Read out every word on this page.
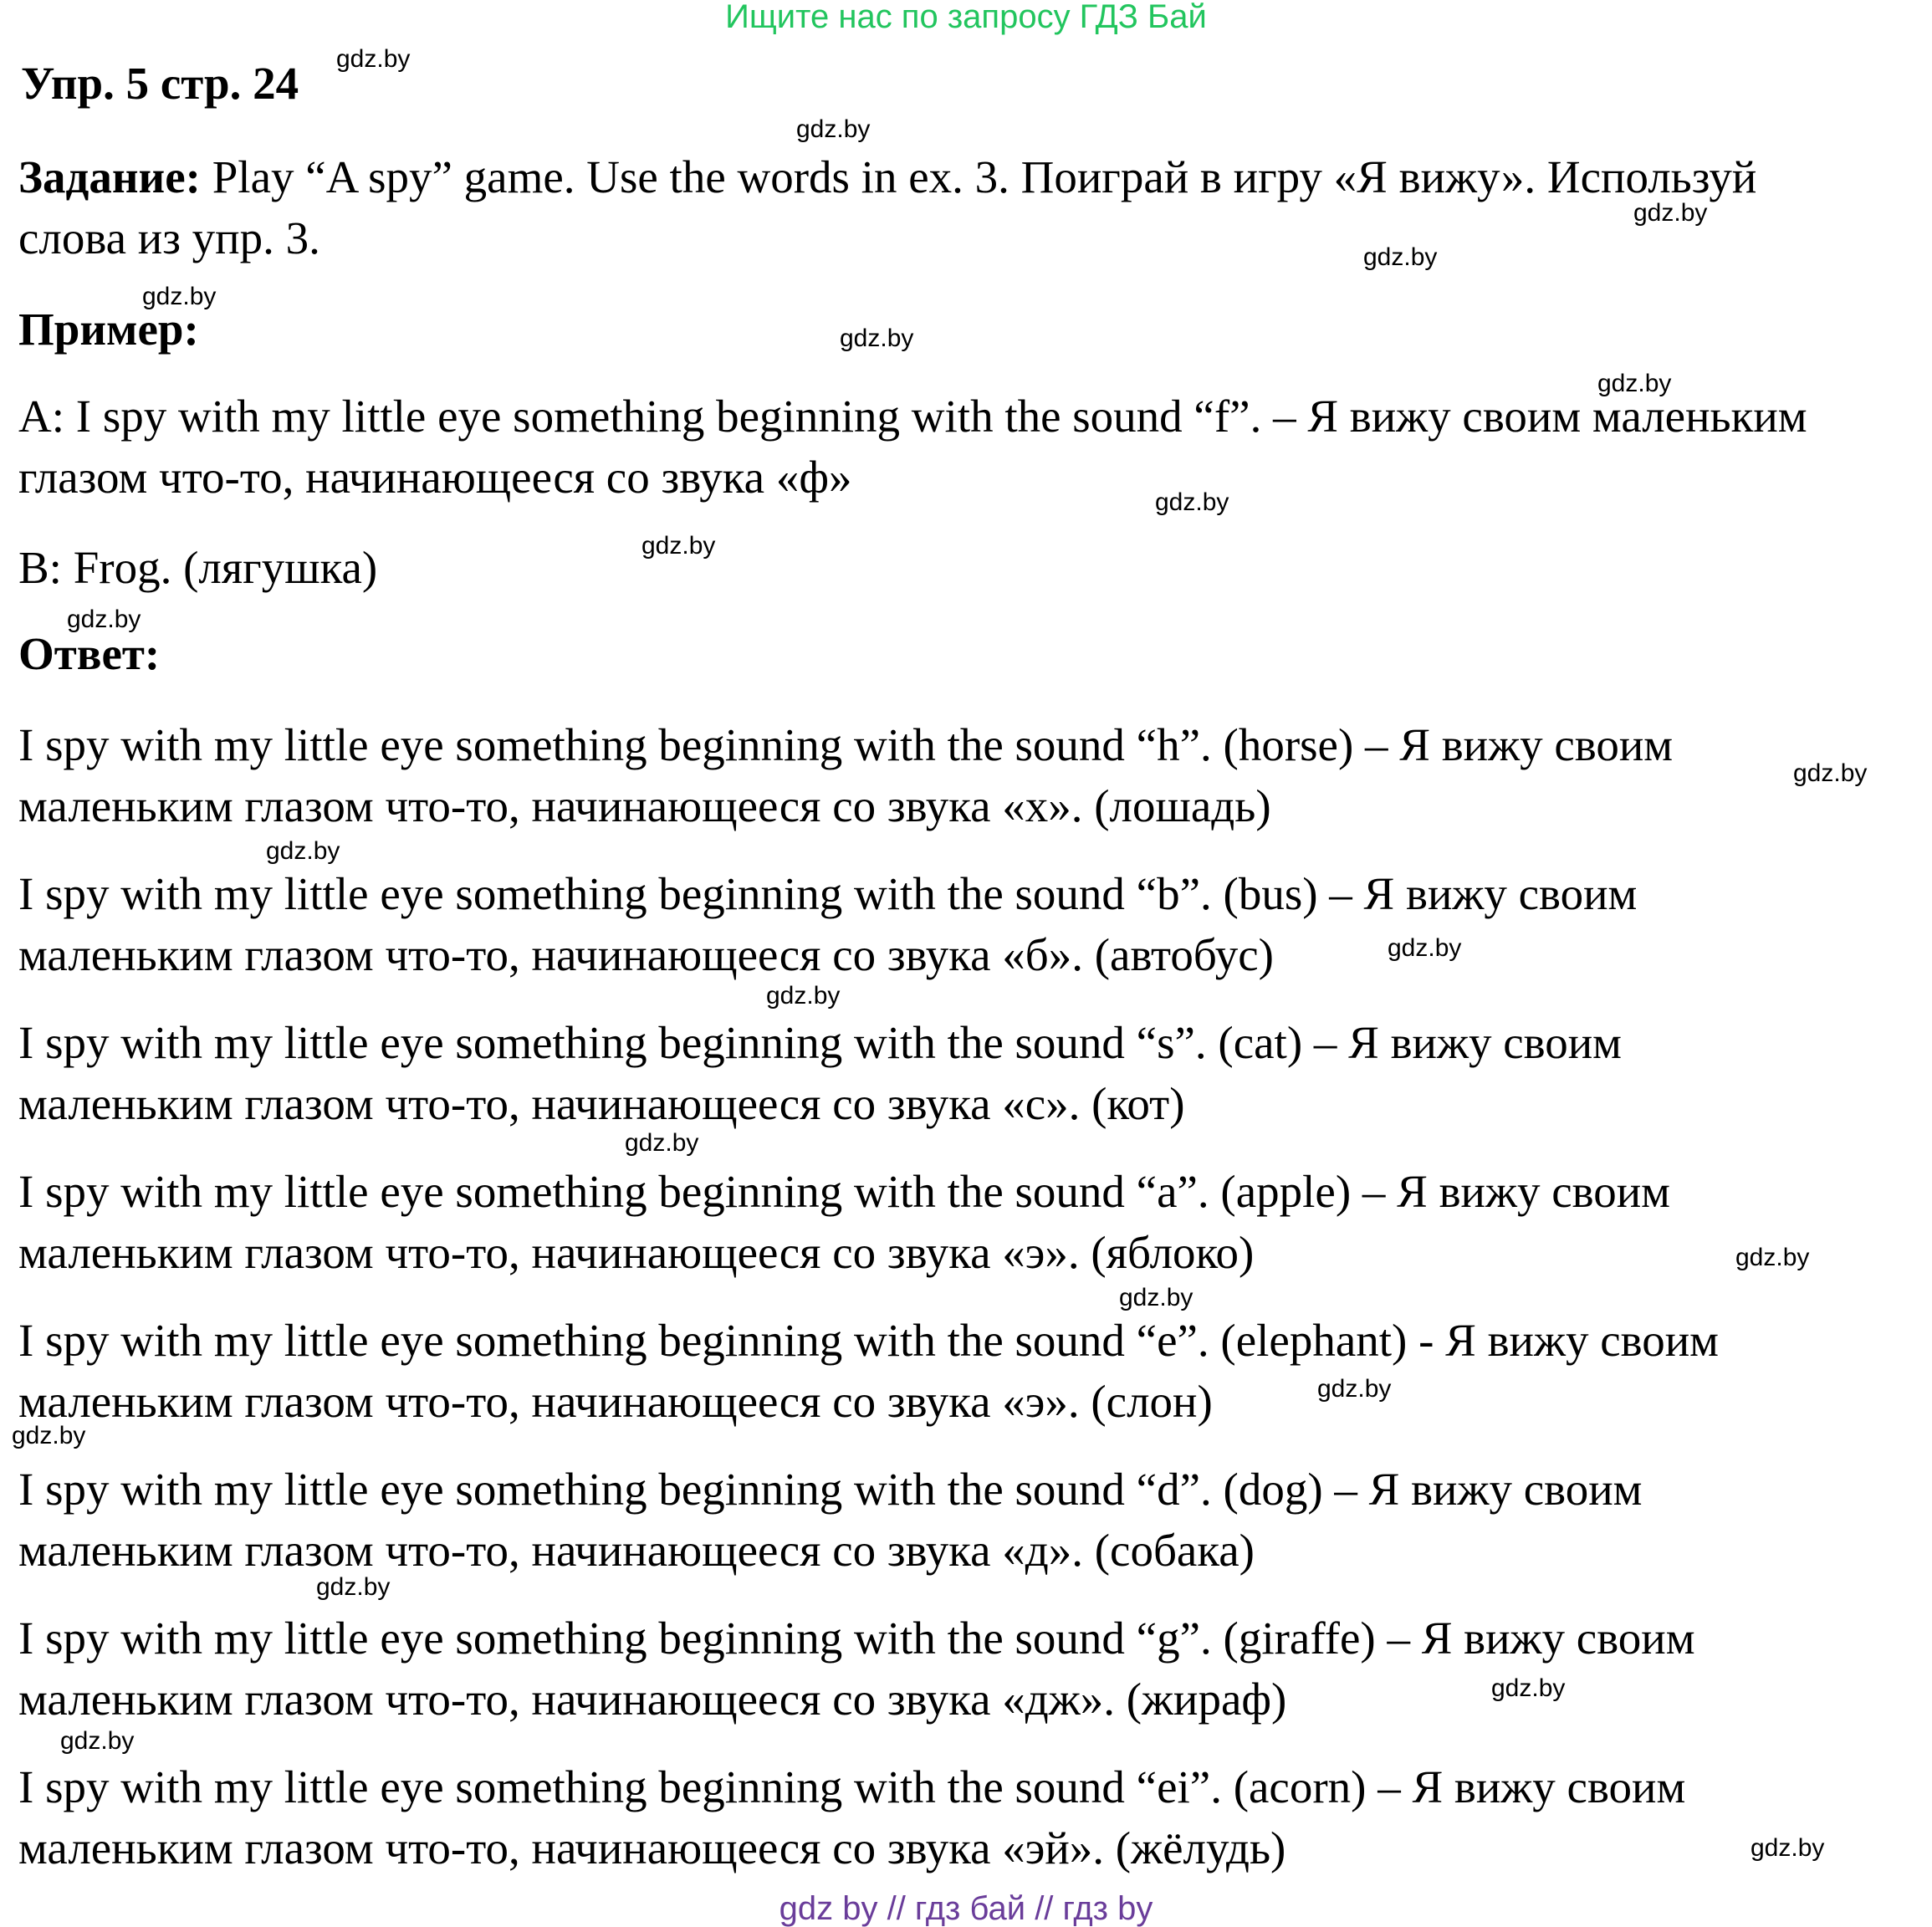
Ищите нас по запросу ГДЗ Бай
Упр. 5 стр. 24
Задание: Play “A spy” game. Use the words in ex. 3. Поиграй в игру «Я вижу». Используй
слова из упр. 3.
Пример:
A: I spy with my little eye something beginning with the sound “f”. – Я вижу своим маленьким
глазом что-то, начинающееся со звука «ф»
B: Frog. (лягушка)
Ответ:
I spy with my little eye something beginning with the sound “h”. (horse) – Я вижу своим
маленьким глазом что-то, начинающееся со звука «х». (лошадь)
I spy with my little eye something beginning with the sound “b”. (bus) – Я вижу своим
маленьким глазом что-то, начинающееся со звука «б». (автобус)
I spy with my little eye something beginning with the sound “s”. (cat) – Я вижу своим
маленьким глазом что-то, начинающееся со звука «с». (кот)
I spy with my little eye something beginning with the sound “a”. (apple) – Я вижу своим
маленьким глазом что-то, начинающееся со звука «э». (яблоко)
I spy with my little eye something beginning with the sound “e”. (elephant) - Я вижу своим
маленьким глазом что-то, начинающееся со звука «э». (слон)
I spy with my little eye something beginning with the sound “d”. (dog) – Я вижу своим
маленьким глазом что-то, начинающееся со звука «д». (собака)
I spy with my little eye something beginning with the sound “g”. (giraffe) – Я вижу своим
маленьким глазом что-то, начинающееся со звука «дж». (жираф)
I spy with my little eye something beginning with the sound “ei”. (acorn) – Я вижу своим
маленьким глазом что-то, начинающееся со звука «эй». (жёлудь)
gdz.by
gdz.by
gdz.by
gdz.by
gdz.by
gdz.by
gdz.by
gdz.by
gdz.by
gdz.by
gdz.by
gdz.by
gdz.by
gdz.by
gdz.by
gdz.by
gdz.by
gdz.by
gdz.by
gdz.by
gdz.by
gdz.by
gdz.by
gdz by // гдз бай // гдз by
